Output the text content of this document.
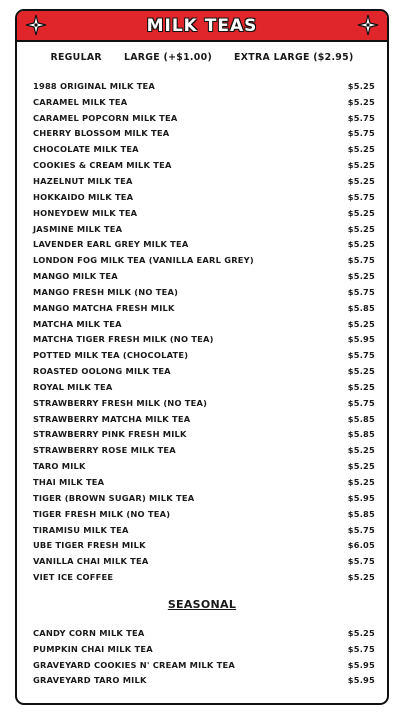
MILK TEAS
REGULAR LARGE (+$1.00) EXTRA LARGE ($2.95)
1988 ORIGINAL MILK TEA	$5.25
CARAMEL MILK TEA	$5.25
CARAMEL POPCORN MILK TEA	$5.75
CHERRY BLOSSOM MILK TEA	$5.75
CHOCOLATE MILK TEA	$5.25
COOKIES & CREAM MILK TEA	$5.25
HAZELNUT MILK TEA	$5.25
HOKKAIDO MILK TEA	$5.75
HONEYDEW MILK TEA	$5.25
JASMINE MILK TEA	$5.25
LAVENDER EARL GREY MILK TEA	$5.25
LONDON FOG MILK TEA (VANILLA EARL GREY)	$5.75
MANGO MILK TEA	$5.25
MANGO FRESH MILK (NO TEA)	$5.75
MANGO MATCHA FRESH MILK	$5.85
MATCHA MILK TEA	$5.25
MATCHA TIGER FRESH MILK (NO TEA)	$5.95
POTTED MILK TEA (CHOCOLATE)	$5.75
ROASTED OOLONG MILK TEA	$5.25
ROYAL MILK TEA	$5.25
STRAWBERRY FRESH MILK (NO TEA)	$5.75
STRAWBERRY MATCHA MILK TEA	$5.85
STRAWBERRY PINK FRESH MILK	$5.85
STRAWBERRY ROSE MILK TEA	$5.25
TARO MILK	$5.25
THAI MILK TEA	$5.25
TIGER (BROWN SUGAR) MILK TEA	$5.95
TIGER FRESH MILK (NO TEA)	$5.85
TIRAMISU MILK TEA	$5.75
UBE TIGER FRESH MILK	$6.05
VANILLA CHAI MILK TEA	$5.75
VIET ICE COFFEE	$5.25
SEASONAL
CANDY CORN MILK TEA	$5.25
PUMPKIN CHAI MILK TEA	$5.75
GRAVEYARD COOKIES N' CREAM MILK TEA	$5.95
GRAVEYARD TARO MILK	$5.95
